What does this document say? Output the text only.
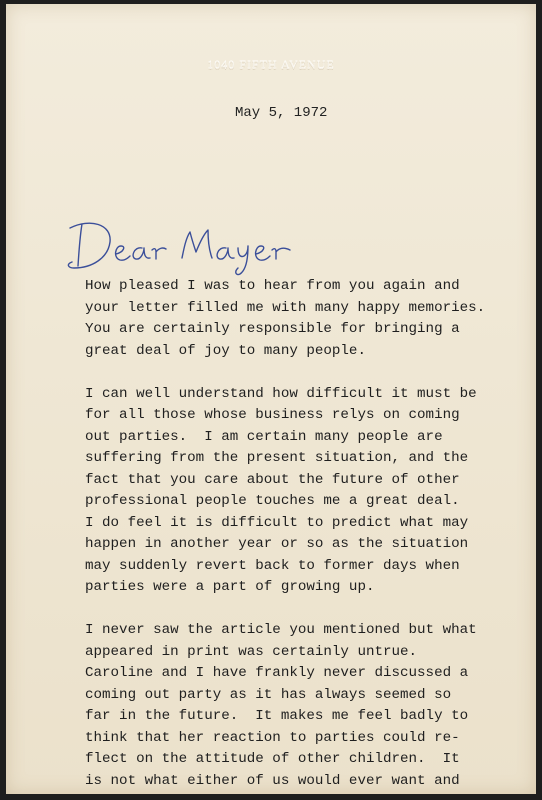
1040 FIFTH AVENUE
May 5, 1972
How pleased I was to hear from you again and
your letter filled me with many happy memories.
You are certainly responsible for bringing a
great deal of joy to many people.
I can well understand how difficult it must be
for all those whose business relys on coming
out parties.  I am certain many people are
suffering from the present situation, and the
fact that you care about the future of other
professional people touches me a great deal.
I do feel it is difficult to predict what may
happen in another year or so as the situation
may suddenly revert back to former days when
parties were a part of growing up.
I never saw the article you mentioned but what
appeared in print was certainly untrue.
Caroline and I have frankly never discussed a
coming out party as it has always seemed so
far in the future.  It makes me feel badly to
think that her reaction to parties could re-
flect on the attitude of other children.  It
is not what either of us would ever want and
